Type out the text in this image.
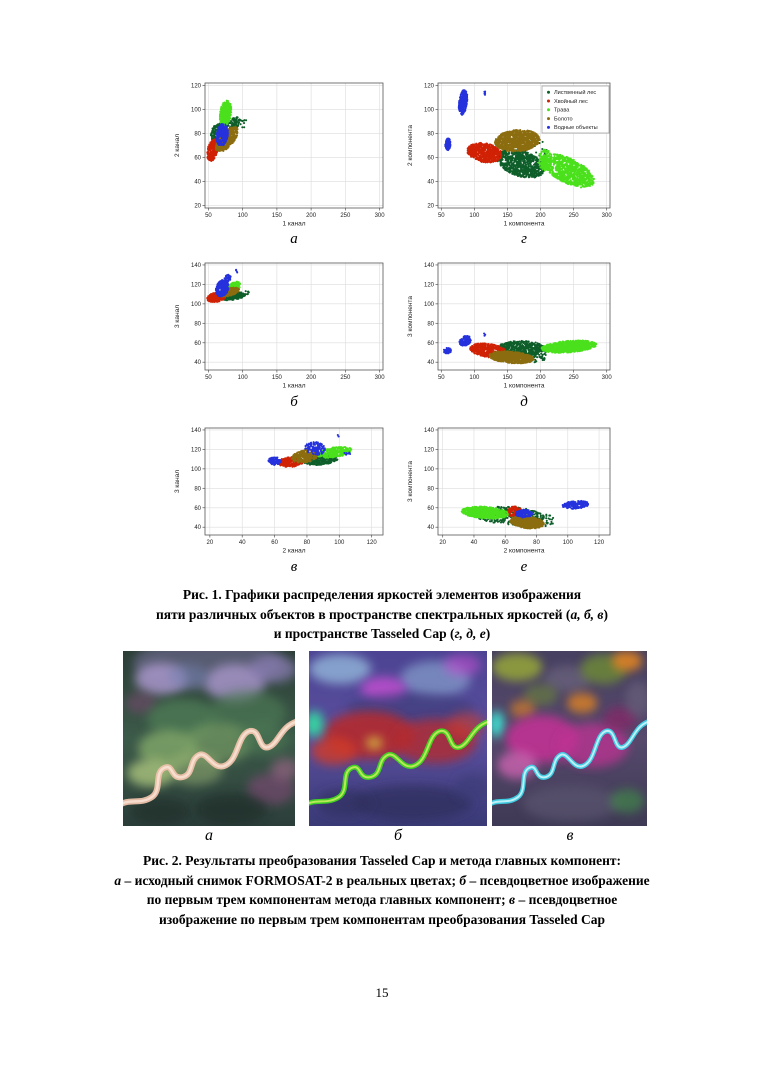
50	100	150	200	250	300
20
40
60
80
100
120
1 канал
2 канал
50	100	150	200	250	300
20
40
60
80
100
120
1 компонента
2 компонента
Лиственный лес
Хвойный лес
Трава
Болото
Водные объекты
50	100	150	200	250	300
40
60
80
100
120
140
1 канал
3 канал
50	100	150	200	250	300
40
60
80
100
120
140
1 компонента
3 компонента
20	40	60	80	100	120
40
60
80
100
120
140
2 канал
3 канал
20	40	60	80	100	120
40
60
80
100
120
140
2 компонента
3 компонента
а	г
б	д
в	е
Рис. 1. Графики распределения яркостей элементов изображения
пяти различных объектов в пространстве спектральных яркостей (а, б, в)
и пространстве Tasseled Cap (г, д, е)
а	б	в
Рис. 2. Результаты преобразования Tasseled Cap и метода главных компонент:
а – исходный снимок FORMOSAT-2 в реальных цветах; б – псевдоцветное изображение
по первым трем компонентам метода главных компонент; в – псевдоцветное
изображение по первым трем компонентам преобразования Tasseled Cap
15
